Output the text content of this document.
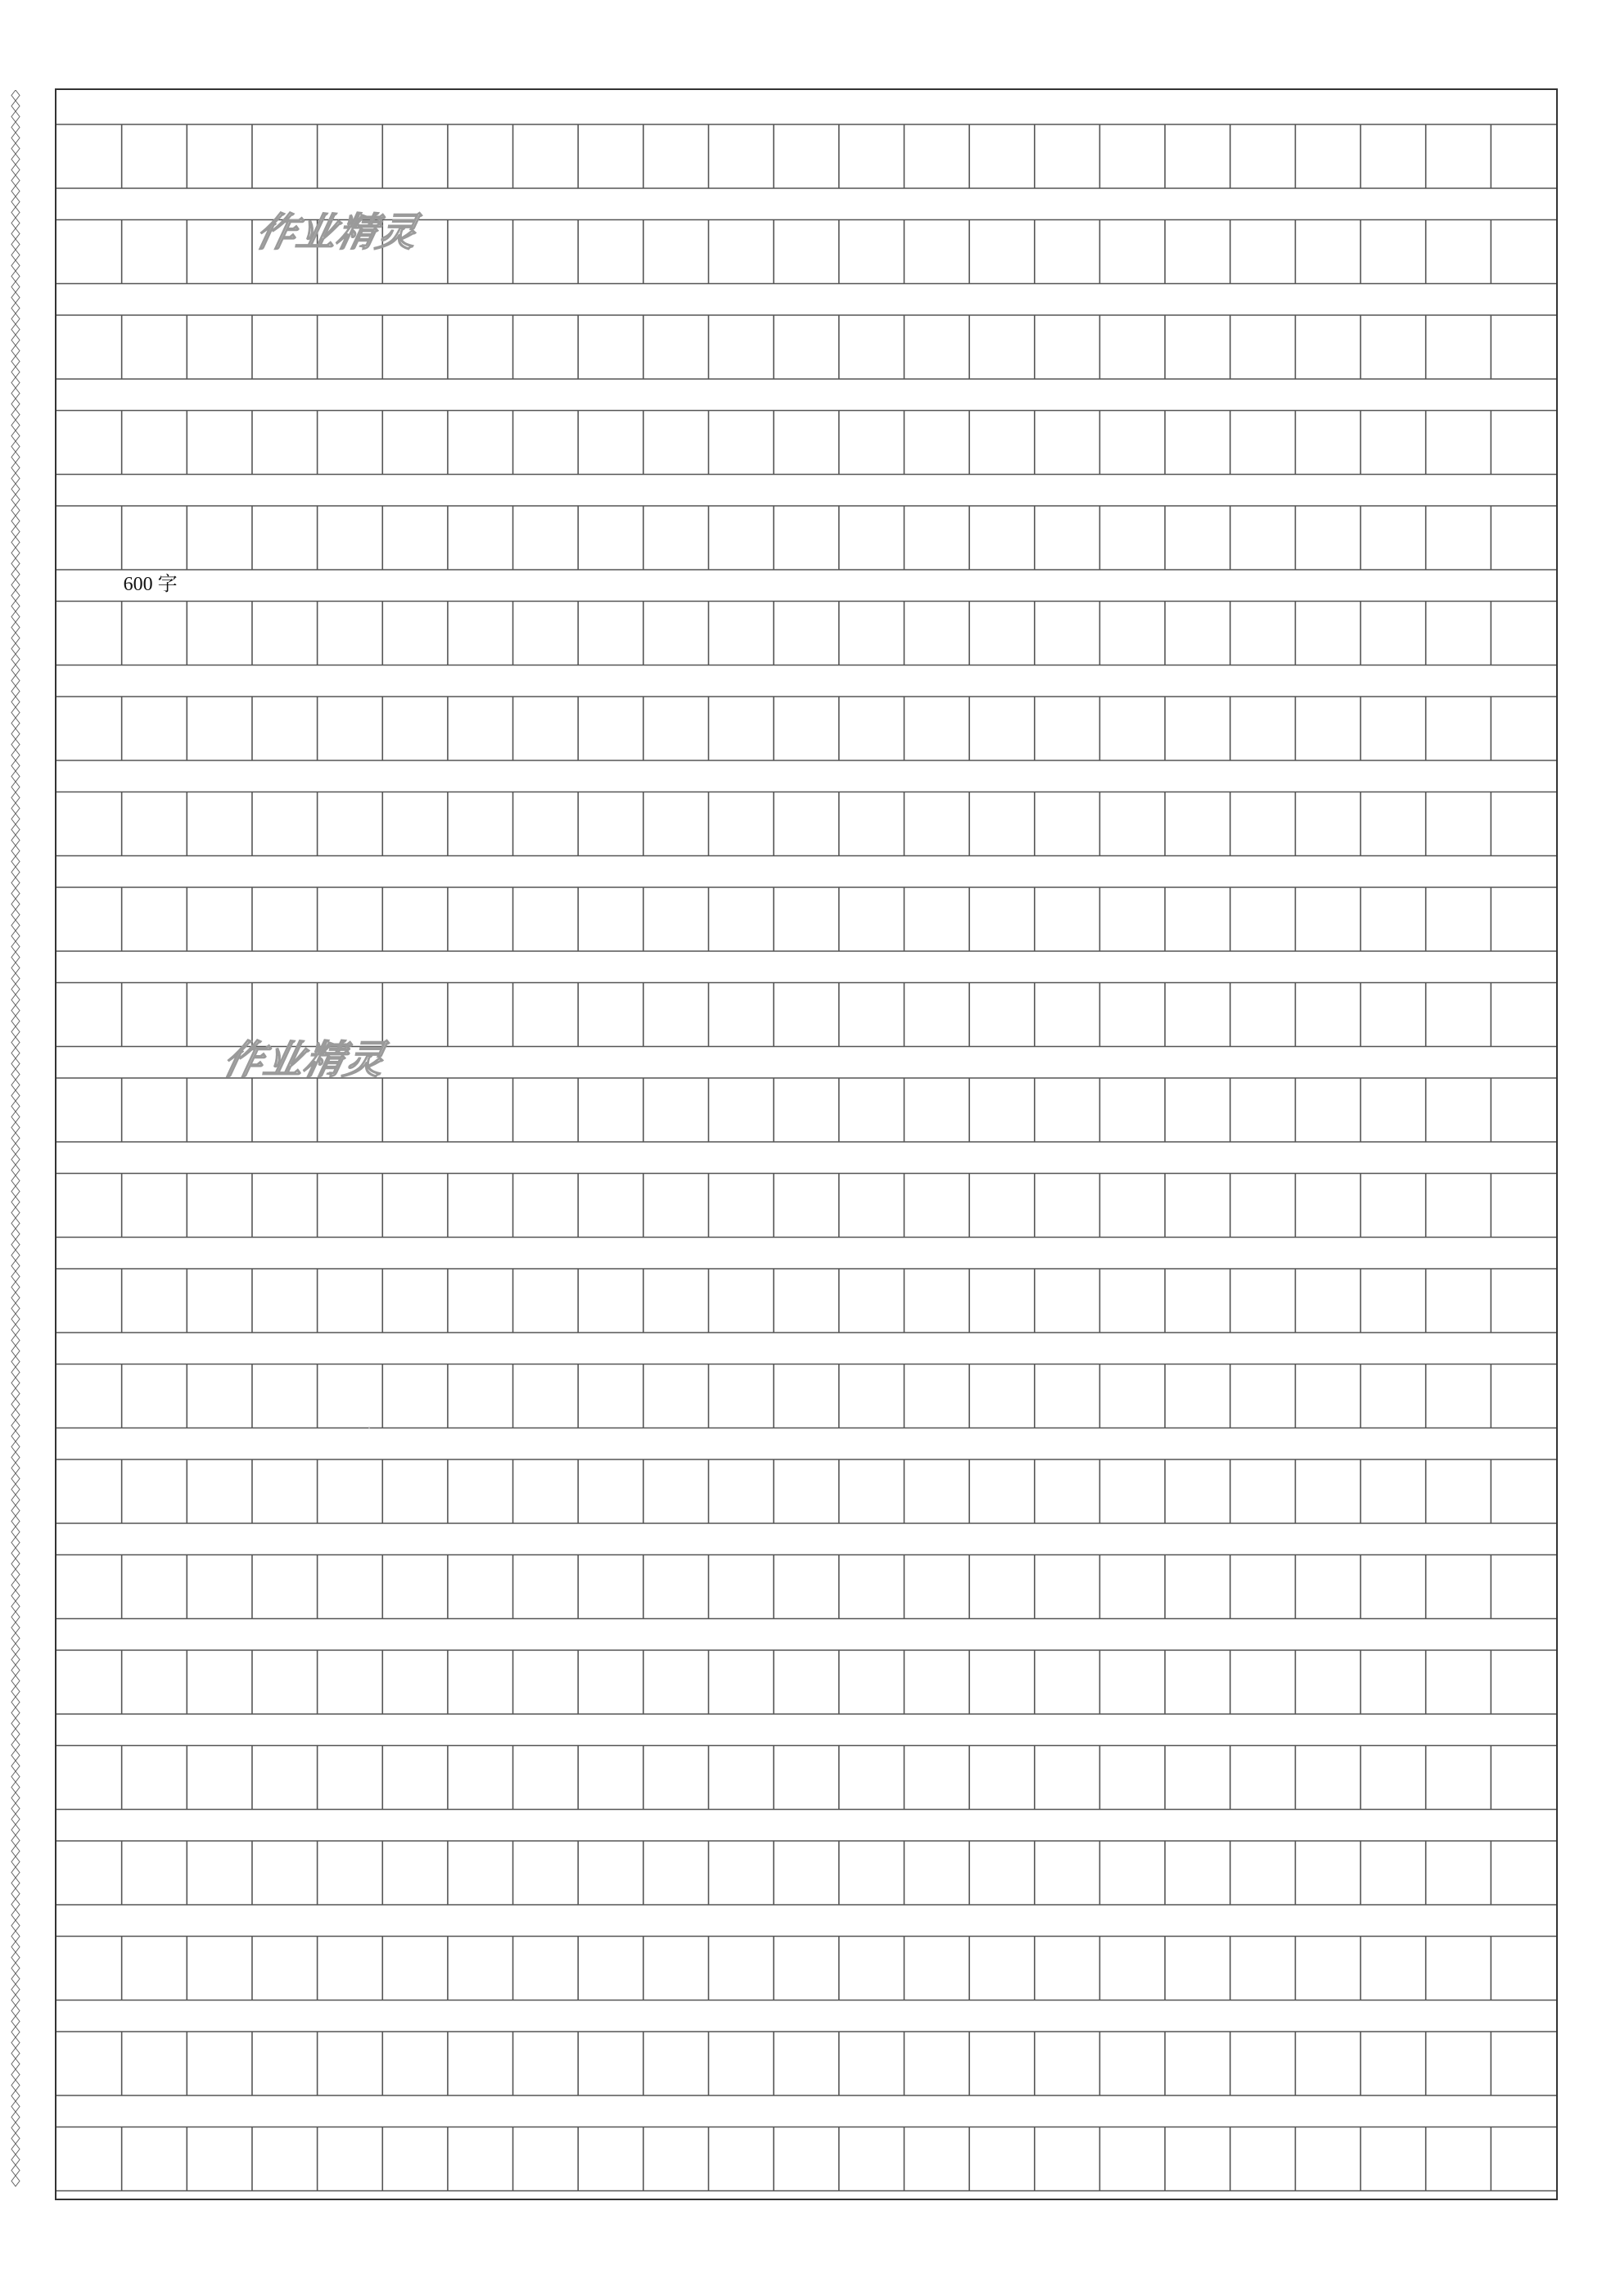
600 字
作业精灵
作业精灵
